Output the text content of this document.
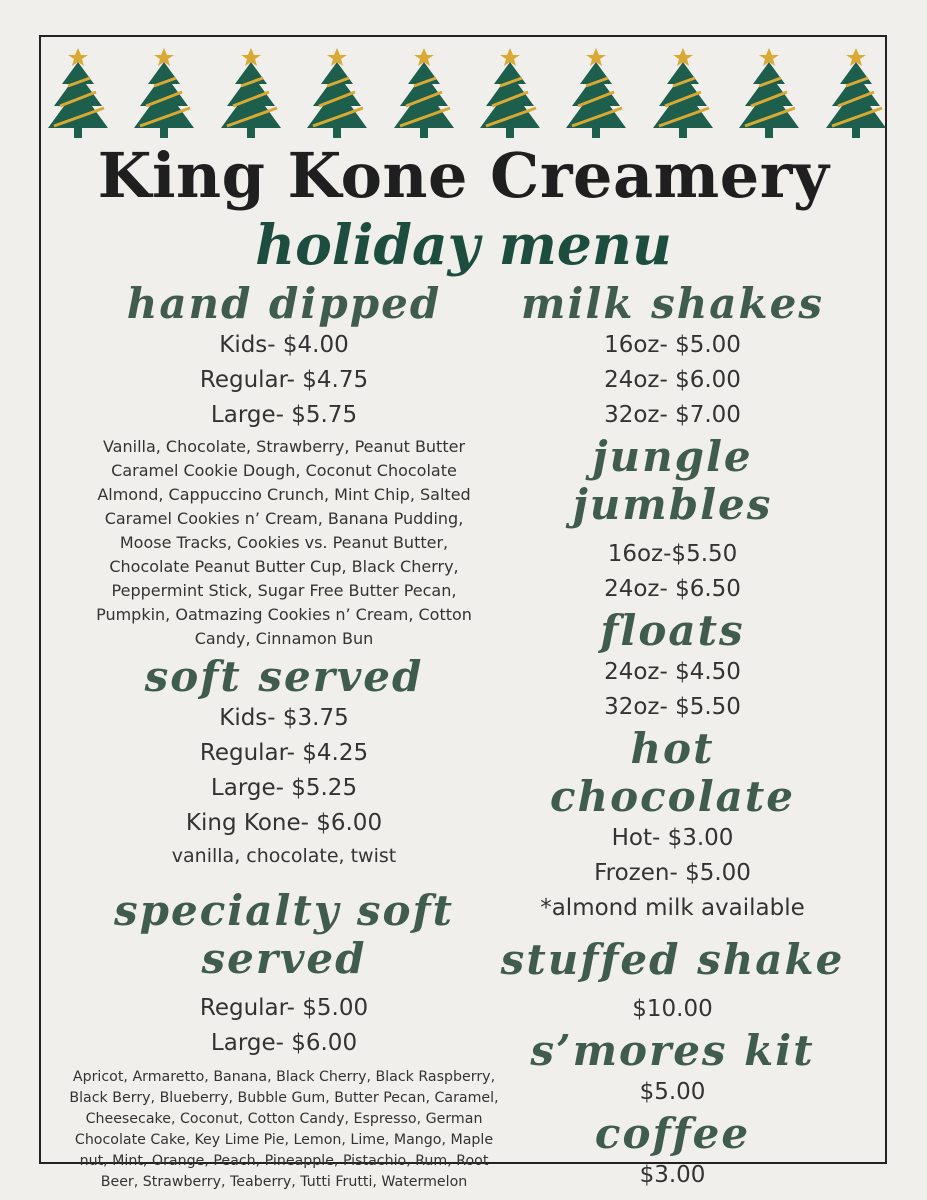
King Kone Creamery
holiday menu
hand dipped

Kids- $4.00

Regular- $4.75

Large- $5.75

Vanilla, Chocolate, Strawberry, Peanut Butter

Caramel Cookie Dough, Coconut Chocolate

Almond, Cappuccino Crunch, Mint Chip, Salted

Caramel Cookies n’ Cream, Banana Pudding,

Moose Tracks, Cookies vs. Peanut Butter,

Chocolate Peanut Butter Cup, Black Cherry,

Peppermint Stick, Sugar Free Butter Pecan,

Pumpkin, Oatmazing Cookies n’ Cream, Cotton

Candy, Cinnamon Bun

soft served

Kids- $3.75

Regular- $4.25

Large- $5.25

King Kone- $6.00

vanilla, chocolate, twist

specialty soft served

Regular- $5.00

Large- $6.00

Apricot, Armaretto, Banana, Black Cherry, Black Raspberry,

Black Berry, Blueberry, Bubble Gum, Butter Pecan, Caramel,

Cheesecake, Coconut, Cotton Candy, Espresso, German

Chocolate Cake, Key Lime Pie, Lemon, Lime, Mango, Maple

nut, Mint, Orange, Peach, Pineapple, Pistachio, Rum, Root

Beer, Strawberry, Teaberry, Tutti Frutti, Watermelon

milk shakes

16oz- $5.00

24oz- $6.00

32oz- $7.00

jungle jumbles

16oz-$5.50

24oz- $6.50

floats

24oz- $4.50

32oz- $5.50

hot chocolate

Hot- $3.00

Frozen- $5.00

*almond milk available

stuffed shake

$10.00

s’mores kit

$5.00

coffee

$3.00
